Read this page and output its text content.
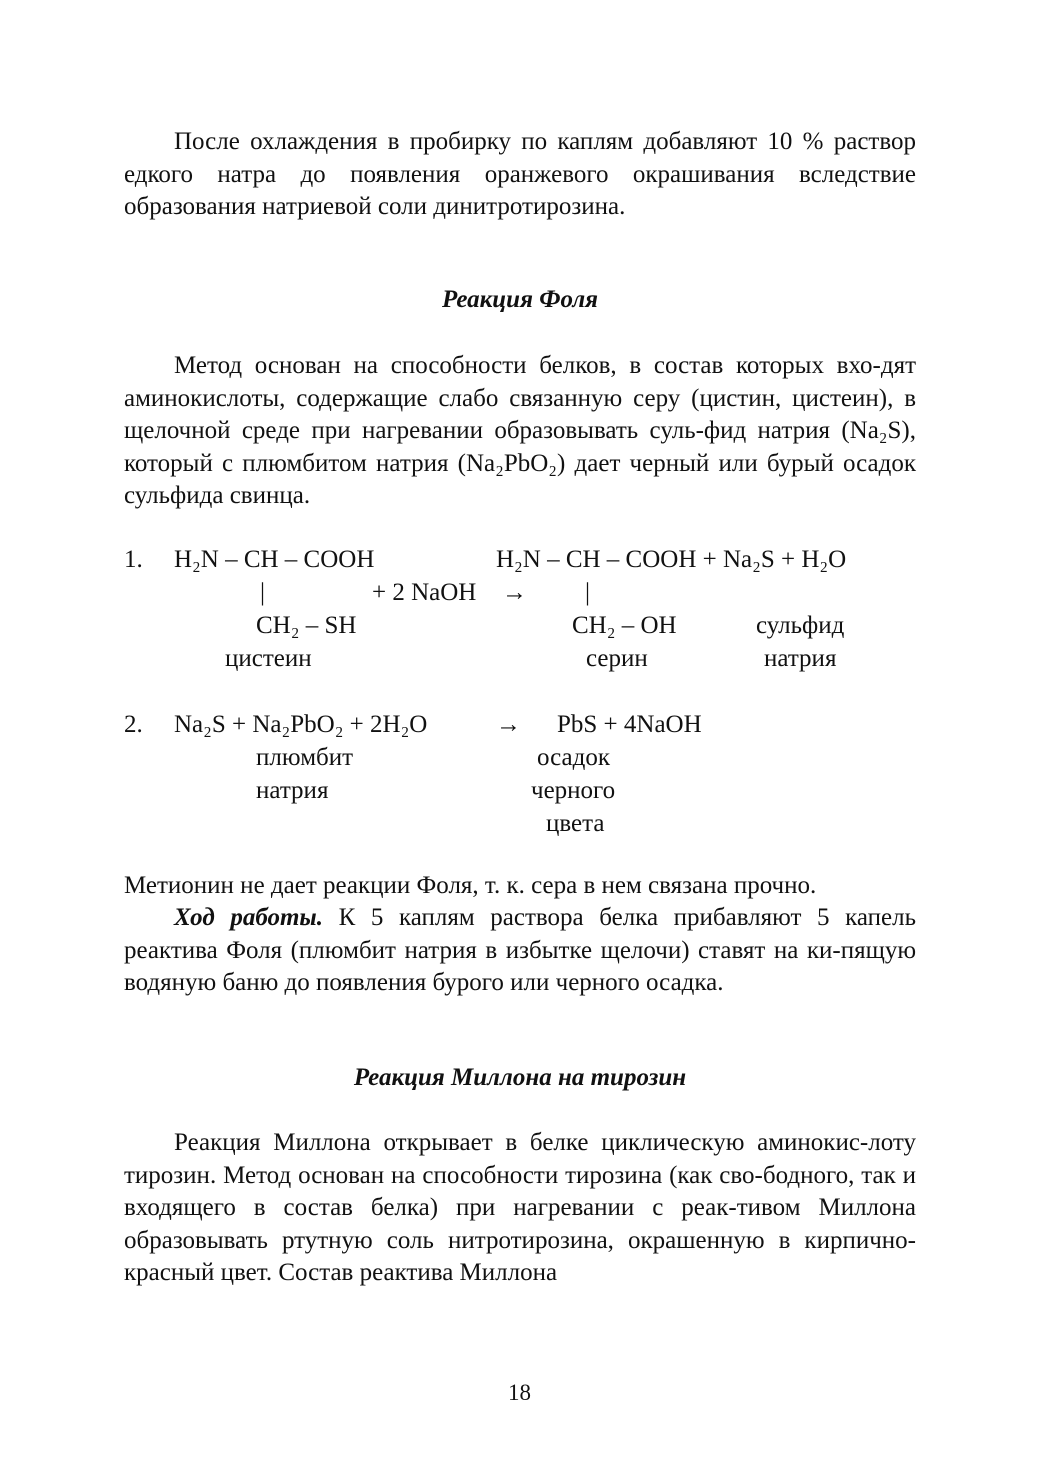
После охлаждения в пробирку по каплям добавляют 10 % раствор едкого натра до появления оранжевого окрашивания вследствие образования натриевой соли динитротирозина.

Реакция Фоля

Метод основан на способности белков, в состав которых вхо-дят аминокислоты, содержащие слабо связанную серу (цистин, цистеин), в щелочной среде при нагревании образовывать суль-фид натрия (Na₂S), который с плюмбитом натрия (Na₂PbO₂) дает черный или бурый осадок сульфида свинца.

1. H₂N – CH – COOH	H₂N – CH – COOH + Na₂S + H₂O
|	+ 2 NaOH → |
CH₂ – SH	CH₂ – OH	сульфид
цистеин	серин	натрия
2. Na₂S + Na₂PbO₂ + 2H₂O	→ PbS + 4NaOH
плюмбит	осадок
натрия	черного
цвета

Метионин не дает реакции Фоля, т. к. сера в нем связана прочно.

Ход работы. К 5 каплям раствора белка прибавляют 5 капель реактива Фоля (плюмбит натрия в избытке щелочи) ставят на ки-пящую водяную баню до появления бурого или черного осадка.

Реакция Миллона на тирозин

Реакция Миллона открывает в белке циклическую аминокис-лоту тирозин. Метод основан на способности тирозина (как сво-бодного, так и входящего в состав белка) при нагревании с реак-тивом Миллона образовывать ртутную соль нитротирозина, окрашенную в кирпично-красный цвет. Состав реактива Миллона

18
